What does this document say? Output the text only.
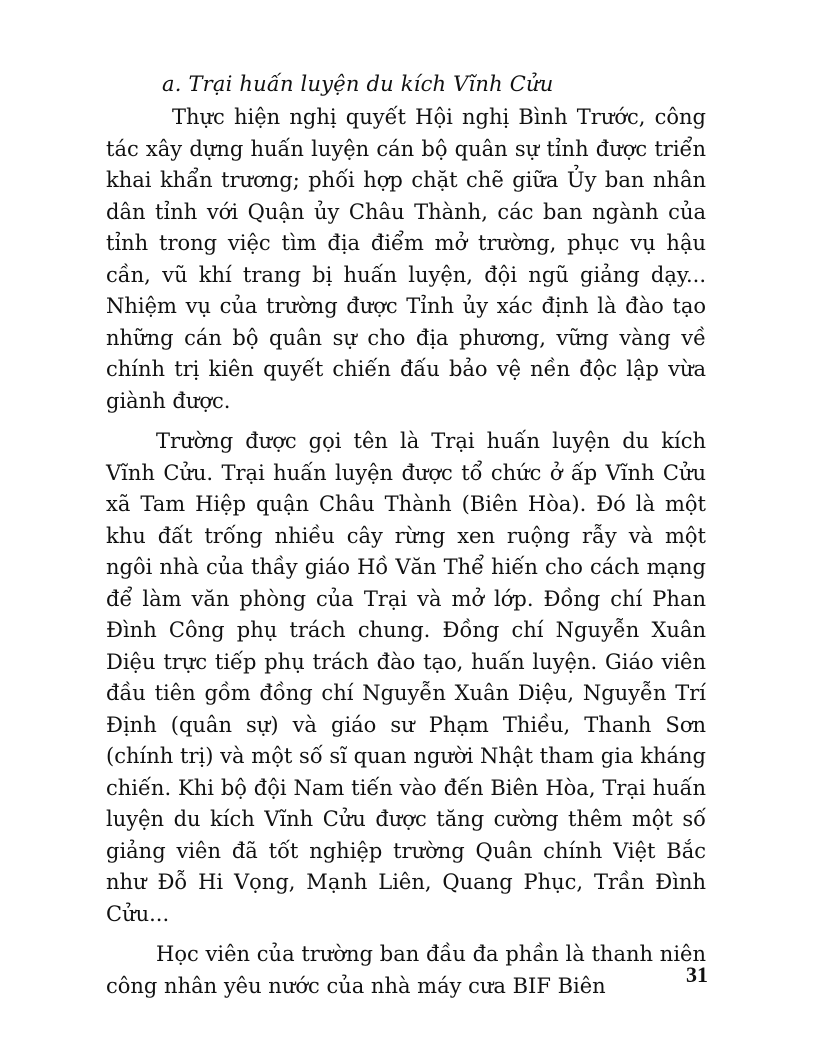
a. Trại huấn luyện du kích Vĩnh Cửu

Thực hiện nghị quyết Hội nghị Bình Trước, công tác xây dựng huấn luyện cán bộ quân sự tỉnh được triển khai khẩn trương; phối hợp chặt chẽ giữa Ủy ban nhân dân tỉnh với Quận ủy Châu Thành, các ban ngành của tỉnh trong việc tìm địa điểm mở trường, phục vụ hậu cần, vũ khí trang bị huấn luyện, đội ngũ giảng dạy... Nhiệm vụ của trường được Tỉnh ủy xác định là đào tạo những cán bộ quân sự cho địa phương, vững vàng về chính trị kiên quyết chiến đấu bảo vệ nền độc lập vừa giành được.

Trường được gọi tên là Trại huấn luyện du kích Vĩnh Cửu. Trại huấn luyện được tổ chức ở ấp Vĩnh Cửu xã Tam Hiệp quận Châu Thành (Biên Hòa). Đó là một khu đất trống nhiều cây rừng xen ruộng rẫy và một ngôi nhà của thầy giáo Hồ Văn Thể hiến cho cách mạng để làm văn phòng của Trại và mở lớp. Đồng chí Phan Đình Công phụ trách chung. Đồng chí Nguyễn Xuân Diệu trực tiếp phụ trách đào tạo, huấn luyện. Giáo viên đầu tiên gồm đồng chí Nguyễn Xuân Diệu, Nguyễn Trí Định (quân sự) và giáo sư Phạm Thiều, Thanh Sơn (chính trị) và một số sĩ quan người Nhật tham gia kháng chiến. Khi bộ đội Nam tiến vào đến Biên Hòa, Trại huấn luyện du kích Vĩnh Cửu được tăng cường thêm một số giảng viên đã tốt nghiệp trường Quân chính Việt Bắc như Đỗ Hi Vọng, Mạnh Liên, Quang Phục, Trần Đình Cửu...

Học viên của trường ban đầu đa phần là thanh niên công nhân yêu nước của nhà máy cưa BIF Biên	31
